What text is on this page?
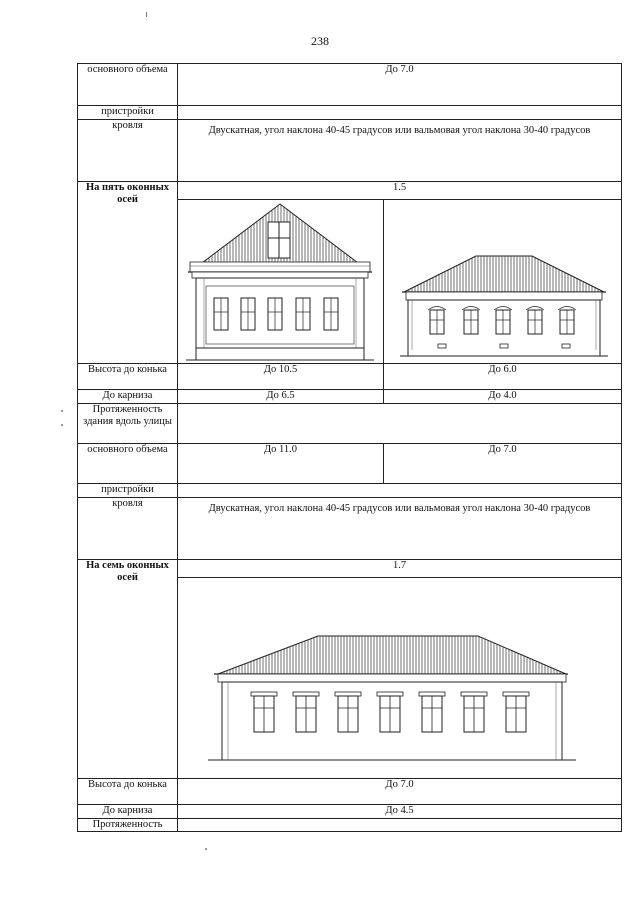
238
основного объема	До 7.0	
пристройки		
кровля	Двускатная, угол наклона 40-45 градусов или вальмовая угол наклона 30-40 градусов	
На пять оконных осей	1.5	

Высота до конька	До 10.5	До 6.0
До карниза	До 6.5	До 4.0
Протяженность здания вдоль улицы		
основного объема	До 11.0	До 7.0
пристройки		
кровля	Двускатная, угол наклона 40-45 градусов или вальмовая угол наклона 30-40 градусов	
На семь оконных осей	1.7	

Высота до конька	До 7.0	
До карниза	До 4.5	
Протяженность		
